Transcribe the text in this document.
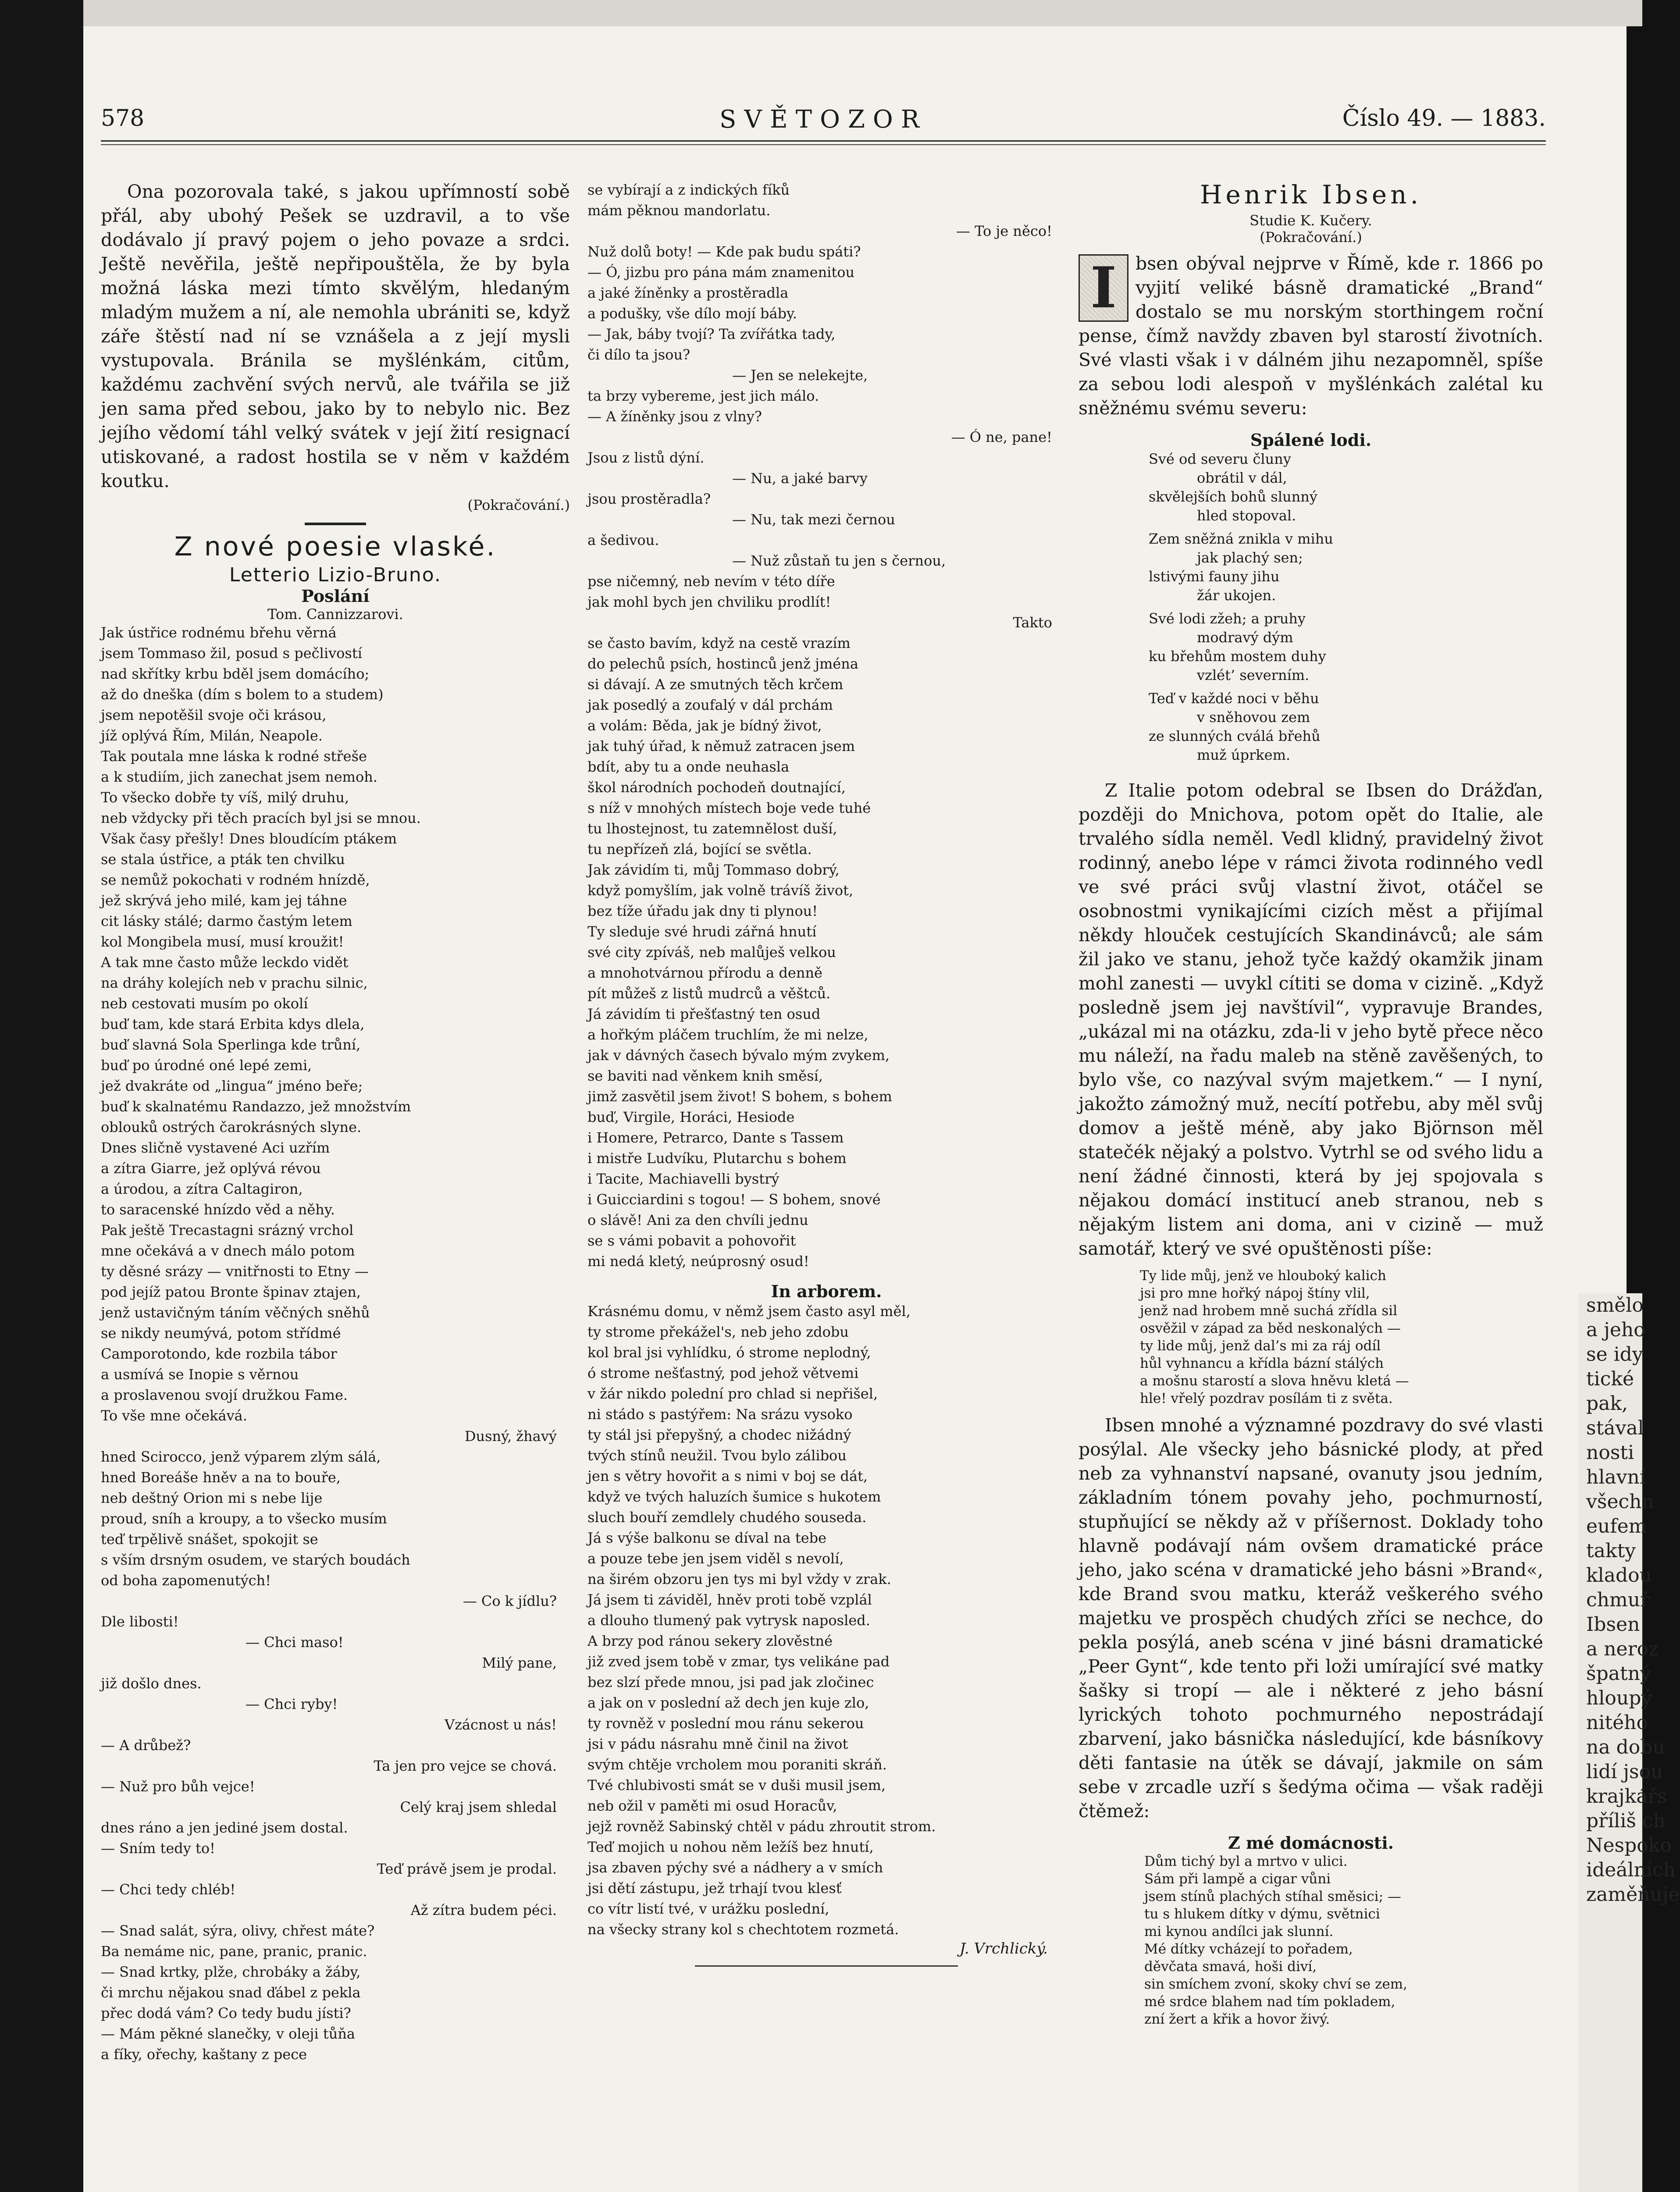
578	SVĚTOZOR	Číslo 49. — 1883.

Ona pozorovala také, s jakou upřímností sobě přál, aby ubohý Pešek se uzdravil, a to vše dodávalo jí pravý pojem o jeho povaze a srdci. Ještě nevěřila, ještě nepřipouštěla, že by byla možná láska mezi tímto skvělým, hledaným mladým mužem a ní, ale nemohla ubrániti se, když záře štěstí nad ní se vznášela a z její mysli vystupovala. Bránila se myšlénkám, citům, každému zachvění svých nervů, ale tvářila se již jen sama před sebou, jako by to nebylo nic. Bez jejího vědomí táhl velký svátek v její žití resignací utiskované, a radost hostila se v něm v každém koutku.

(Pokračování.)

Z nové poesie vlaské.
Letterio Lizio-Bruno.
Poslání
Tom. Cannizzarovi.
Jak ústřice rodnému břehu věrná
jsem Tommaso žil, posud s pečlivostí
nad skřítky krbu bděl jsem domácího;
až do dneška (dím s bolem to a studem)
jsem nepotěšil svoje oči krásou,
jíž oplývá Řím, Milán, Neapole.
Tak poutala mne láska k rodné střeše
a k studiím, jich zanechat jsem nemoh.
To všecko dobře ty víš, milý druhu,
neb vždycky při těch pracích byl jsi se mnou.
Však časy přešly! Dnes bloudícím ptákem
se stala ústřice, a pták ten chvilku
se nemůž pokochati v rodném hnízdě,
jež skrývá jeho milé, kam jej táhne
cit lásky stálé; darmo častým letem
kol Mongibela musí, musí kroužit!
A tak mne často může leckdo vidět
na dráhy kolejích neb v prachu silnic,
neb cestovati musím po okolí
buď tam, kde stará Erbita kdys dlela,
buď slavná Sola Sperlinga kde trůní,
buď po úrodné oné lepé zemi,
jež dvakráte od „lingua“ jméno beře;
buď k skalnatému Randazzo, jež množstvím
oblouků ostrých čarokrásných slyne.
Dnes sličně vystavené Aci uzřím
a zítra Giarre, jež oplývá révou
a úrodou, a zítra Caltagiron,
to saracenské hnízdo věd a něhy.
Pak ještě Trecastagni srázný vrchol
mne očekává a v dnech málo potom
ty děsné srázy — vnitřnosti to Etny —
pod jejíž patou Bronte špinav ztajen,
jenž ustavičným táním věčných sněhů
se nikdy neumývá, potom střídmé
Camporotondo, kde rozbila tábor
a usmívá se Inopie s věrnou
a proslavenou svojí družkou Fame.
To vše mne očekává.
Dusný, žhavý
hned Scirocco, jenž výparem zlým sálá,
hned Boreáše hněv a na to bouře,
neb deštný Orion mi s nebe lije
proud, sníh a kroupy, a to všecko musím
teď trpělivě snášet, spokojit se
s vším drsným osudem, ve starých boudách
od boha zapomenutých!
— Co k jídlu?
Dle libosti!
— Chci maso!
Milý pane,
již došlo dnes.
— Chci ryby!
Vzácnost u nás!
— A drůbež?
Ta jen pro vejce se chová.
— Nuž pro bůh vejce!
Celý kraj jsem shledal
dnes ráno a jen jediné jsem dostal.
— Sním tedy to!
Teď právě jsem je prodal.
— Chci tedy chléb!
Až zítra budem péci.
— Snad salát, sýra, olivy, chřest máte?
Ba nemáme nic, pane, pranic, pranic.
— Snad krtky, plže, chrobáky a žáby,
či mrchu nějakou snad ďábel z pekla
přec dodá vám? Co tedy budu jísti?
— Mám pěkné slanečky, v oleji tůňa
a fíky, ořechy, kaštany z pece
se vybírají a z indických fíků
mám pěknou mandorlatu.
— To je něco!
Nuž dolů boty! — Kde pak budu spáti?
— Ó, jizbu pro pána mám znamenitou
a jaké žíněnky a prostěradla
a podušky, vše dílo mojí báby.
— Jak, báby tvojí? Ta zvířátka tady,
či dílo ta jsou?
— Jen se nelekejte,
ta brzy vybereme, jest jich málo.
— A žíněnky jsou z vlny?
— Ó ne, pane!
Jsou z listů dýní.
— Nu, a jaké barvy
jsou prostěradla?
— Nu, tak mezi černou
a šedivou.
— Nuž zůstaň tu jen s černou,
pse ničemný, neb nevím v této díře
jak mohl bych jen chviliku prodlít!
Takto
se často bavím, když na cestě vrazím
do pelechů psích, hostinců jenž jména
si dávají. A ze smutných těch krčem
jak posedlý a zoufalý v dál prchám
a volám: Běda, jak je bídný život,
jak tuhý úřad, k němuž zatracen jsem
bdít, aby tu a onde neuhasla
škol národních pochodeň doutnající,
s níž v mnohých místech boje vede tuhé
tu lhostejnost, tu zatemnělost duší,
tu nepřízeň zlá, bojící se světla.
Jak závidím ti, můj Tommaso dobrý,
když pomyšlím, jak volně trávíš život,
bez tíže úřadu jak dny ti plynou!
Ty sleduje své hrudi zářná hnutí
své city zpíváš, neb malůješ velkou
a mnohotvárnou přírodu a denně
pít můžeš z listů mudrců a věštců.
Já závidím ti přešťastný ten osud
a hořkým pláčem truchlím, že mi nelze,
jak v dávných časech bývalo mým zvykem,
se baviti nad věnkem knih směsí,
jimž zasvětil jsem život! S bohem, s bohem
buď, Virgile, Horáci, Hesiode
i Homere, Petrarco, Dante s Tassem
i mistře Ludvíku, Plutarchu s bohem
i Tacite, Machiavelli bystrý
i Guicciardini s togou! — S bohem, snové
o slávě! Ani za den chvíli jednu
se s vámi pobavit a pohovořit
mi nedá kletý, neúprosný osud!
In arborem.
Krásnému domu, v němž jsem často asyl měl,
ty strome překážel's, neb jeho zdobu
kol bral jsi vyhlídku, ó strome neplodný,
ó strome nešťastný, pod jehož větvemi
v žár nikdo polední pro chlad si nepřišel,
ni stádo s pastýřem: Na srázu vysoko
ty stál jsi přepyšný, a chodec nižádný
tvých stínů neužil. Tvou bylo zálibou
jen s větry hovořit a s nimi v boj se dát,
když ve tvých haluzích šumice s hukotem
sluch bouří zemdlely chudého souseda.
Já s výše balkonu se díval na tebe
a pouze tebe jen jsem viděl s nevolí,
na širém obzoru jen tys mi byl vždy v zrak.
Já jsem ti záviděl, hněv proti tobě vzplál
a dlouho tlumený pak vytrysk naposled.
A brzy pod ránou sekery zlověstné
již zved jsem tobě v zmar, tys velikáne pad
bez slzí přede mnou, jsi pad jak zločinec
a jak on v poslední až dech jen kuje zlo,
ty rovněž v poslední mou ránu sekerou
jsi v pádu násrahu mně činil na život
svým chtěje vrcholem mou poraniti skráň.
Tvé chlubivosti smát se v duši musil jsem,
neb ožil v paměti mi osud Horacův,
jejž rovněž Sabinský chtěl v pádu zhroutit strom.
Teď mojich u nohou něm ležíš bez hnutí,
jsa zbaven pýchy své a nádhery a v smích
jsi dětí zástupu, jež trhají tvou klesť
co vítr listí tvé, v urážku poslední,
na všecky strany kol s chechtotem rozmetá.
J. Vrchlický.
Henrik Ibsen.
Studie K. Kučery.
(Pokračování.)

I	bsen obýval nejprve v Římě, kde r. 1866 po vyjití veliké básně dramatické „Brand“ dostalo se mu norským storthingem roční pense, čímž navždy zbaven byl starostí životních. Své vlasti však i v dálném jihu nezapomněl, spíše za sebou lodi alespoň v myšlénkách zalétal ku sněžnému svému severu:

Spálené lodi.
Své od severu čluny
obrátil v dál,
skvělejších bohů slunný
hled stopoval.
Zem sněžná znikla v mihu
jak plachý sen;
lstivými fauny jihu
žár ukojen.
Své lodi zžeh; a pruhy
modravý dým
ku břehům mostem duhy
vzlét’ severním.
Teď v každé noci v běhu
v sněhovou zem
ze slunných cválá břehů
muž úprkem.

Z Italie potom odebral se Ibsen do Drážďan, později do Mnichova, potom opět do Italie, ale trvalého sídla neměl. Vedl klidný, pravidelný život rodinný, anebo lépe v rámci života rodinného vedl ve své práci svůj vlastní život, otáčel se osobnostmi vynikajícími cizích měst a přijímal někdy hlouček cestujících Skandinávců; ale sám žil jako ve stanu, jehož tyče každý okamžik jinam mohl zanesti — uvykl cítiti se doma v cizině. „Když posledně jsem jej navštívil“, vypravuje Brandes, „ukázal mi na otázku, zda-li v jeho bytě přece něco mu náleží, na řadu maleb na stěně zavěšených, to bylo vše, co nazýval svým majetkem.“ — I nyní, jakožto zámožný muž, necítí potřebu, aby měl svůj domov a ještě méně, aby jako Björnson měl statečék nějaký a polstvo. Vytrhl se od svého lidu a není žádné činnosti, která by jej spojovala s nějakou domácí institucí aneb stranou, neb s nějakým listem ani doma, ani v cizině — muž samotář, který ve své opuštěnosti píše:

Ty lide můj, jenž ve hlouboký kalich
jsi pro mne hořký nápoj štíny vlil,
jenž nad hrobem mně suchá zřídla sil
osvěžil v západ za běd neskonalých —
ty lide můj, jenž dal’s mi za ráj odíl
hůl vyhnancu a křídla bázní stálých
a mošnu starostí a slova hněvu kletá —
hle! vřelý pozdrav posílám ti z světa.

Ibsen mnohé a významné pozdravy do své vlasti posýlal. Ale všecky jeho básnické plody, at před neb za vyhnanství napsané, ovanuty jsou jedním, základním tónem povahy jeho, pochmurností, stupňující se někdy až v příšernost. Doklady toho hlavně podávají nám ovšem dramatické práce jeho, jako scéna v dramatické jeho básni »Brand«, kde Brand svou matku, kteráž veškerého svého majetku ve prospěch chudých zříci se nechce, do pekla posýlá, aneb scéna v jiné básni dramatické „Peer Gynt“, kde tento při loži umírající své matky šašky si tropí — ale i některé z jeho básní lyrických tohoto pochmurného nepostrádají zbarvení, jako básnička následující, kde básníkovy děti fantasie na útěk se dávají, jakmile on sám sebe v zrcadle uzří s šedýma očima — však raději čtěmež:

Z mé domácnosti.
Dům tichý byl a mrtvo v ulici.
Sám při lampě a cigar vůni
jsem stínů plachých stíhal směsici; —
tu s hlukem dítky v dýmu, světnici
mi kynou andílci jak slunní.
Mé dítky vcházejí to pořadem,
děvčata smavá, hoši diví,
sin smíchem zvoní, skoky chví se zem,
mé srdce blahem nad tím pokladem,
zní žert a křik a hovor živý.
smělo
a jeho
se idy
tické
pak,
stával
nosti
hlavní
všechn
eufem
takty
kladou
chmuř
Ibsen
a neroz
špatný
hloupý
nitého
na dobu
lidí jsou
krajkářs
příliš ch
Nespoko
ideálních
zaměňuje
